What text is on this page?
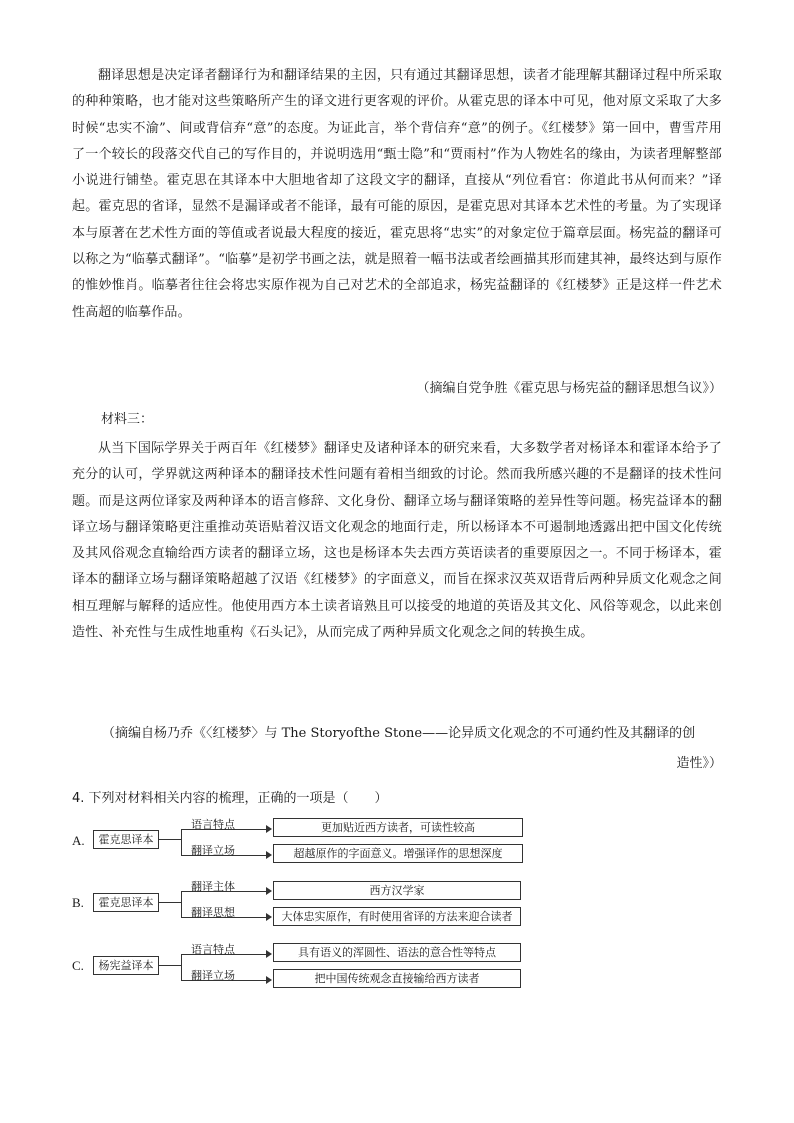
翻译思想是决定译者翻译行为和翻译结果的主因，只有通过其翻译思想，读者才能理解其翻译过程中所采取的种种策略，也才能对这些策略所产生的译文进行更客观的评价。从霍克思的译本中可见，他对原文采取了大多时候“忠实不渝”、间或背信弃“意”的态度。为证此言，举个背信弃“意”的例子。《红楼梦》第一回中，曹雪芹用了一个较长的段落交代自己的写作目的，并说明选用“甄士隐”和“贾雨村”作为人物姓名的缘由，为读者理解整部小说进行铺垫。霍克思在其译本中大胆地省却了这段文字的翻译，直接从“列位看官：你道此书从何而来？”译起。霍克思的省译，显然不是漏译或者不能译，最有可能的原因，是霍克思对其译本艺术性的考量。为了实现译本与原著在艺术性方面的等值或者说最大程度的接近，霍克思将“忠实”的对象定位于篇章层面。杨宪益的翻译可以称之为“临摹式翻译”。“临摹”是初学书画之法，就是照着一幅书法或者绘画描其形而建其神，最终达到与原作的惟妙惟肖。临摹者往往会将忠实原作视为自己对艺术的全部追求，杨宪益翻译的《红楼梦》正是这样一件艺术性高超的临摹作品。

（摘编自党争胜《霍克思与杨宪益的翻译思想刍议》）
材料三：

从当下国际学界关于两百年《红楼梦》翻译史及诸种译本的研究来看，大多数学者对杨译本和霍译本给予了充分的认可，学界就这两种译本的翻译技术性问题有着相当细致的讨论。然而我所感兴趣的不是翻译的技术性问题。而是这两位译家及两种译本的语言修辞、文化身份、翻译立场与翻译策略的差异性等问题。杨宪益译本的翻译立场与翻译策略更注重推动英语贴着汉语文化观念的地面行走，所以杨译本不可遏制地透露出把中国文化传统及其风俗观念直输给西方读者的翻译立场，这也是杨译本失去西方英语读者的重要原因之一。不同于杨译本，霍译本的翻译立场与翻译策略超越了汉语《红楼梦》的字面意义，而旨在探求汉英双语背后两种异质文化观念之间相互理解与解释的适应性。他使用西方本土读者谙熟且可以接受的地道的英语及其文化、风俗等观念，以此来创造性、补充性与生成性地重构《石头记》，从而完成了两种异质文化观念之间的转换生成。

（摘编自杨乃乔《〈红楼梦〉与 The Storyofthe Stone——论异质文化观念的不可通约性及其翻译的创
造性》）
4. 下列对材料相关内容的梳理，正确的一项是（　　）
A.	霍克思译本
语言特点
翻译立场
更加贴近西方读者，可读性较高
超越原作的字面意义。增强译作的思想深度
B.	霍克思译本
翻译主体
翻译思想
西方汉学家
大体忠实原作，有时使用省译的方法来迎合读者
C.	杨宪益译本
语言特点
翻译立场
具有语义的浑圆性、语法的意合性等特点
把中国传统观念直接输给西方读者
